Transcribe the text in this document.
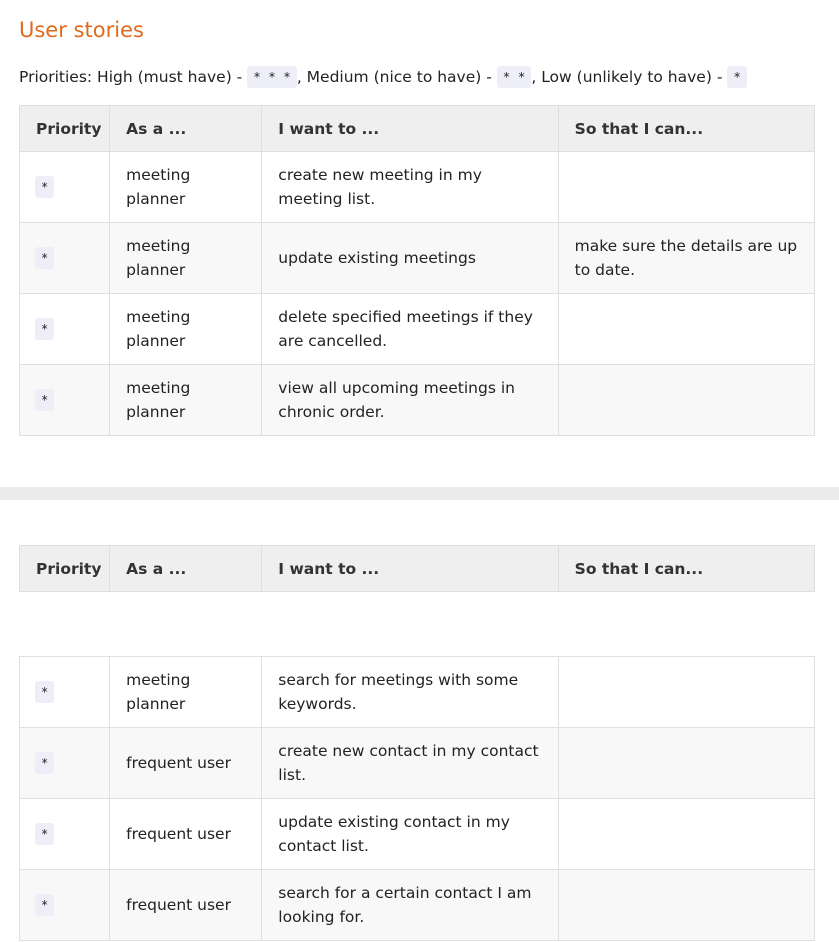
User stories
Priorities: High (must have) - * * * , Medium (nice to have) - * * , Low (unlikely to have) - *
Priority	As a ...	I want to ...	So that I can...
*	meeting planner	create new meeting in my meeting list.	
*	meeting planner	update existing meetings	make sure the details are up to date.
*	meeting planner	delete specified meetings if they are cancelled.	
*	meeting planner	view all upcoming meetings in chronic order.	
Priority	As a ...	I want to ...	So that I can...
*	meeting planner	search for meetings with some keywords.	
*	frequent user	create new contact in my contact list.	
*	frequent user	update existing contact in my contact list.	
*	frequent user	search for a certain contact I am looking for.	
